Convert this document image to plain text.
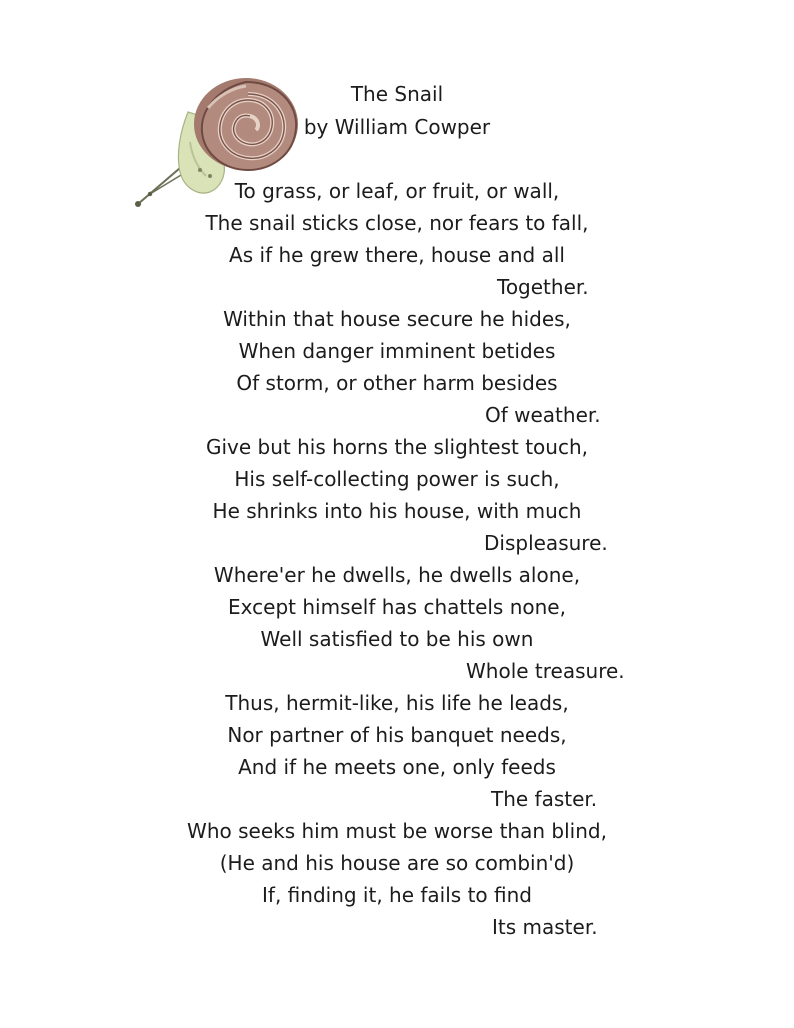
The Snail
by William Cowper
To grass, or leaf, or fruit, or wall,
The snail sticks close, nor fears to fall,
As if he grew there, house and all
Together.
Within that house secure he hides,
When danger imminent betides
Of storm, or other harm besides
Of weather.
Give but his horns the slightest touch,
His self-collecting power is such,
He shrinks into his house, with much
Displeasure.
Where'er he dwells, he dwells alone,
Except himself has chattels none,
Well satisfied to be his own
Whole treasure.
Thus, hermit-like, his life he leads,
Nor partner of his banquet needs,
And if he meets one, only feeds
The faster.
Who seeks him must be worse than blind,
(He and his house are so combin'd)
If, finding it, he fails to find
Its master.
